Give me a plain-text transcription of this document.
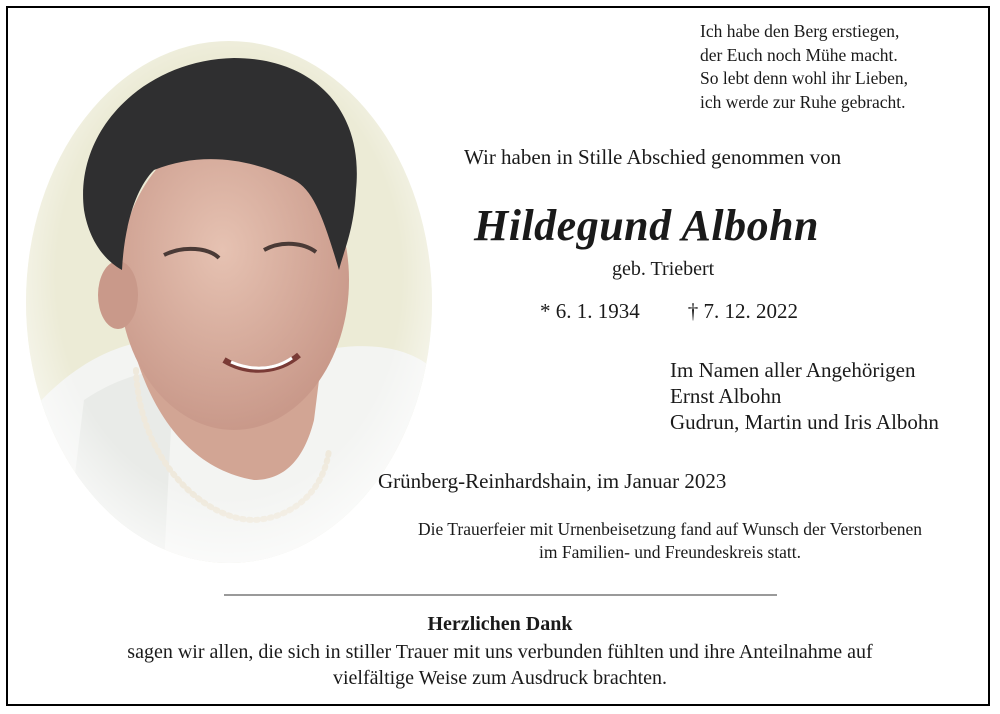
Ich habe den Berg erstiegen,
der Euch noch Mühe macht.
So lebt denn wohl ihr Lieben,
ich werde zur Ruhe gebracht.
Wir haben in Stille Abschied genommen von
Hildegund Albohn
geb. Triebert
* 6. 1. 1934 † 7. 12. 2022
Im Namen aller Angehörigen
Ernst Albohn
Gudrun, Martin und Iris Albohn
Grünberg-Reinhardshain, im Januar 2023
Die Trauerfeier mit Urnenbeisetzung fand auf Wunsch der Verstorbenen
im Familien- und Freundeskreis statt.
Herzlichen Dank
sagen wir allen, die sich in stiller Trauer mit uns verbunden fühlten und ihre Anteilnahme auf
vielfältige Weise zum Ausdruck brachten.
